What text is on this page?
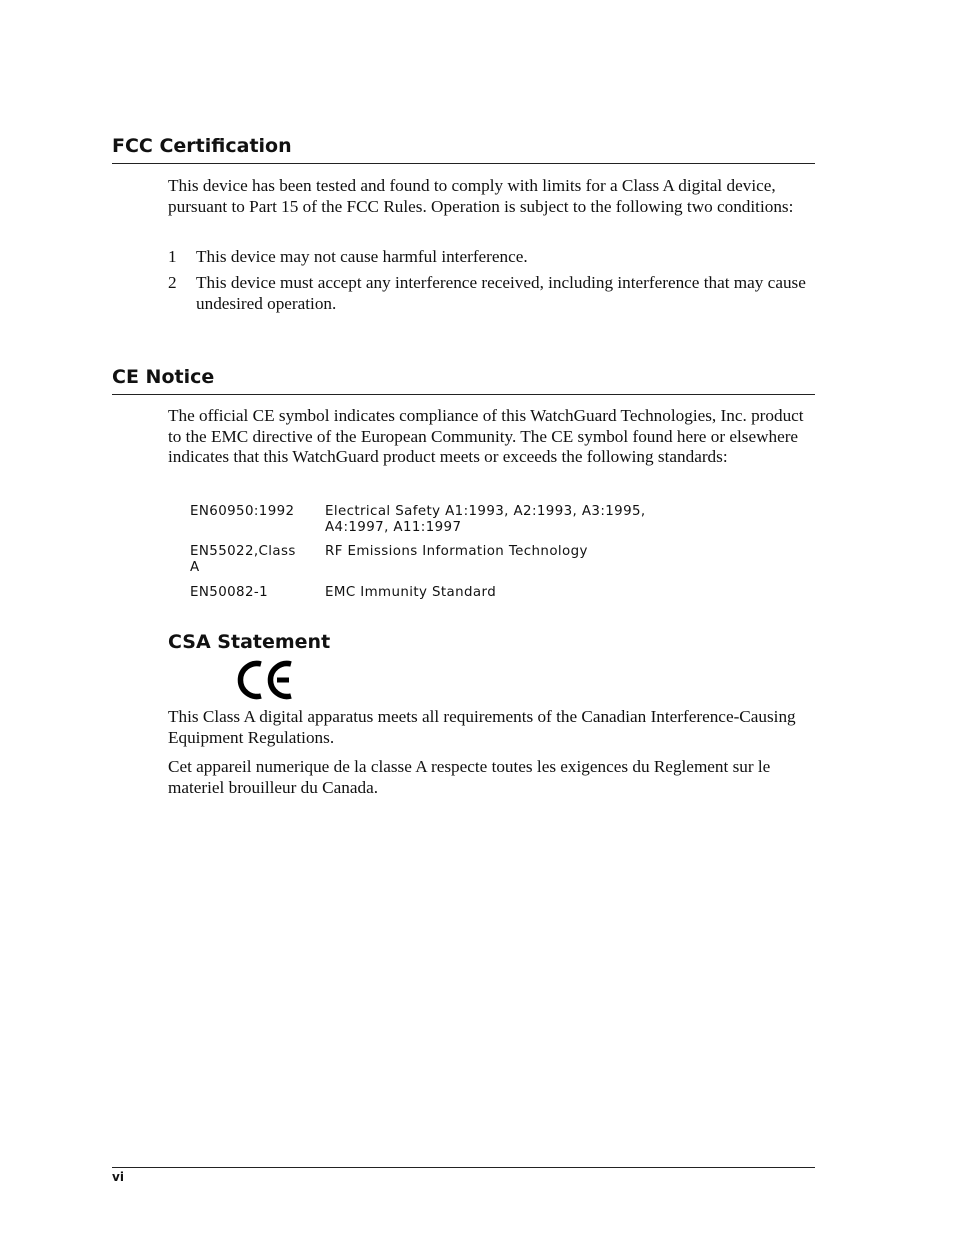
FCC Certification

This device has been tested and found to comply with limits for a Class A digital device, pursuant to Part 15 of the FCC Rules. Operation is subject to the following two conditions:

1 This device may not cause harmful interference.
2 This device must accept any interference received, including interference that may cause undesired operation.
CE Notice

The official CE symbol indicates compliance of this WatchGuard Technologies, Inc. product to the EMC directive of the European Community. The CE symbol found here or elsewhere indicates that this WatchGuard product meets or exceeds the following standards:

EN60950:1992	Electrical Safety A1:1993, A2:1993, A3:1995, A4:1997, A11:1997
EN55022,Class A
RF Emissions Information Technology
EN50082-1	EMC Immunity Standard
CSA Statement

This Class A digital apparatus meets all requirements of the Canadian Interference-Causing Equipment Regulations.

Cet appareil numerique de la classe A respecte toutes les exigences du Reglement sur le materiel brouilleur du Canada.

vi
